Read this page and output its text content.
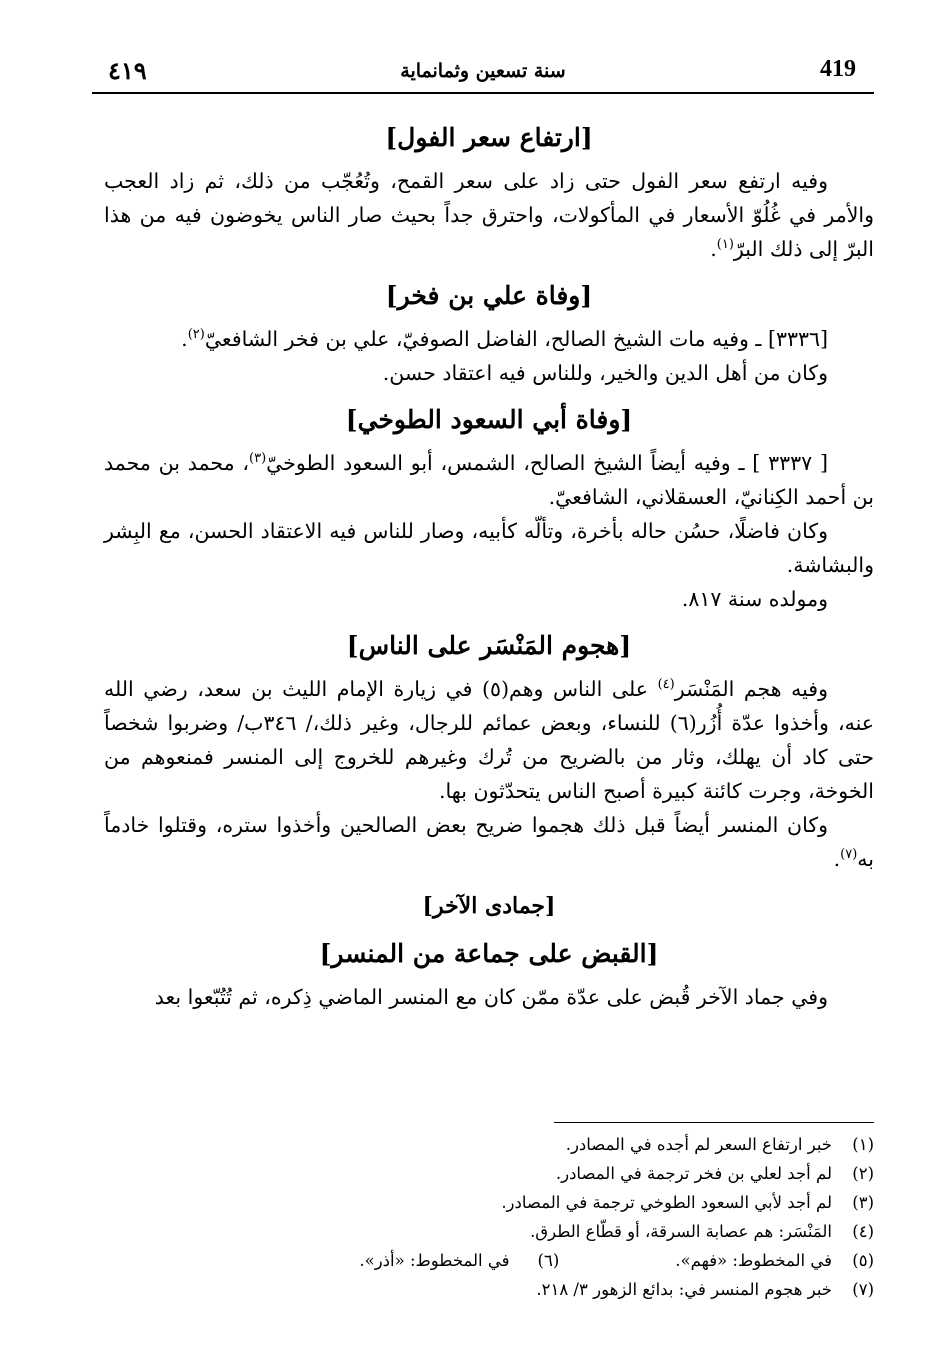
419
سنة تسعين وثمانماية
٤١٩
[ارتفاع سعر الفول]

وفيه ارتفع سعر الفول حتى زاد على سعر القمح، وتُعُجّب من ذلك، ثم زاد العجب والأمر في غُلُوّ الأسعار في المأكولات، واحترق جداً بحيث صار الناس يخوضون فيه من هذا البرّ إلى ذلك البرّ$^{(١)}$.

[وفاة علي بن فخر]

[٣٣٣٦] ـ وفيه مات الشيخ الصالح، الفاضل الصوفيّ، علي بن فخر الشافعيّ$^{(٢)}$.

وكان من أهل الدين والخير، وللناس فيه اعتقاد حسن.

[وفاة أبي السعود الطوخي]

[ ٣٣٣٧ ] ـ وفيه أيضاً الشيخ الصالح، الشمس، أبو السعود الطوخيّ$^{(٣)}$، محمد بن محمد بن أحمد الكِنانيّ، العسقلاني، الشافعيّ.

وكان فاضلًا، حسُن حاله بأخرة، وتألّه كأبيه، وصار للناس فيه الاعتقاد الحسن، مع البِشر والبشاشة.

ومولده سنة ٨١٧.

[هجوم المَنْسَر على الناس]

وفيه هجم المَنْسَر$^{(٤)}$ على الناس وهم(٥) في زيارة الإمام الليث بن سعد، رضي الله عنه، وأخذوا عدّة أُزُر(٦) للنساء، وبعض عمائم للرجال، وغير ذلك،/ ٣٤٦ب/ وضربوا شخصاً حتى كاد أن يهلك، وثار من بالضريح من تُرك وغيرهم للخروج إلى المنسر فمنعوهم من الخوخة، وجرت كائنة كبيرة أصبح الناس يتحدّثون بها.

وكان المنسر أيضاً قبل ذلك هجموا ضريح بعض الصالحين وأخذوا ستره، وقتلوا خادماً به$^{(٧)}$.

[جمادى الآخر]
[القبض على جماعة من المنسر]

وفي جماد الآخر قُبض على عدّة ممّن كان مع المنسر الماضي ذِكره، ثم تُتُبّعوا بعد

(١)
خبر ارتفاع السعر لم أجده في المصادر.
(٢)
لم أجد لعلي بن فخر ترجمة في المصادر.
(٣)
لم أجد لأبي السعود الطوخي ترجمة في المصادر.
(٤)
المَنْسَر: هم عصابة السرقة، أو قطّاع الطرق.
(٥)
في المخطوط: «فهم».
(٦)
في المخطوط: «أذر».
(٧)
خبر هجوم المنسر في: بدائع الزهور ٣/ ٢١٨.
